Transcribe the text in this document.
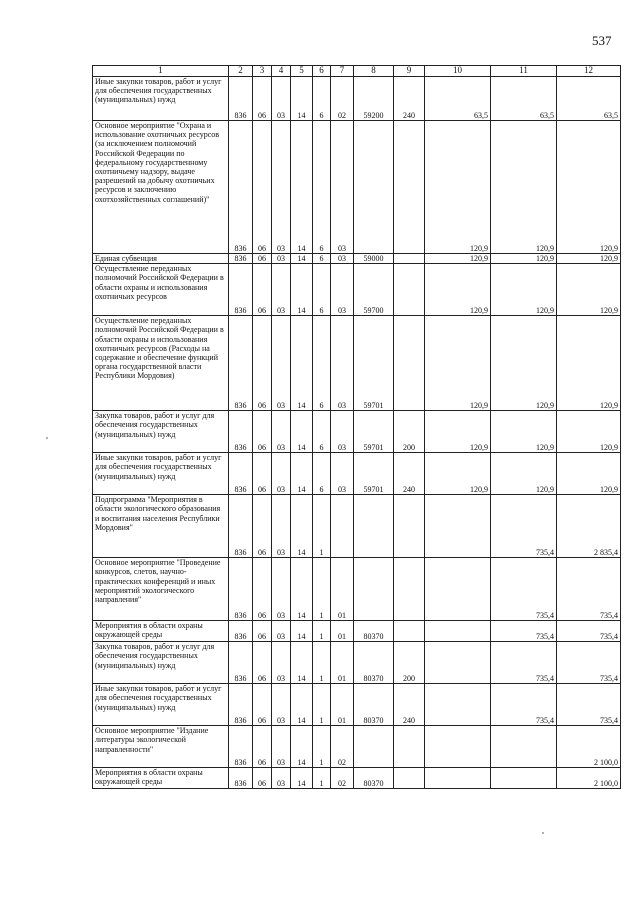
537
1	2	3	4	5	6	7	8	9	10	11	12
Иные закупки товаров, работ и услуг для обеспечения государственных (муниципальных) нужд	836	06	03	14	6	02	59200	240	63,5	63,5	63,5
Основное мероприятие "Охрана и использование охотничьих ресурсов (за исключением полномочий Российской Федерации по федеральному государственному охотничьему надзору, выдаче разрешений на добычу охотничьих ресурсов и заключению охотхозяйственных соглашений)"	836	06	03	14	6	03			120,9	120,9	120,9
Единая субвенция	836	06	03	14	6	03	59000		120,9	120,9	120,9
Осуществление переданных полномочий Российской Федерации в области охраны и использования охотничьих ресурсов	836	06	03	14	6	03	59700		120,9	120,9	120,9
Осуществление переданных полномочий Российской Федерации в области охраны и использования охотничьих ресурсов (Расходы на содержание и обеспечение функций органа государственной власти Республики Мордовия)	836	06	03	14	6	03	59701		120,9	120,9	120,9
Закупка товаров, работ и услуг для обеспечения государственных (муниципальных) нужд	836	06	03	14	6	03	59701	200	120,9	120,9	120,9
Иные закупки товаров, работ и услуг для обеспечения государственных (муниципальных) нужд	836	06	03	14	6	03	59701	240	120,9	120,9	120,9
Подпрограмма "Мероприятия в области экологического образования и воспитания населения Республики Мордовия"	836	06	03	14	1					735,4	2 835,4
Основное мероприятие "Проведение конкурсов, слетов, научно-практических конференций и иных мероприятий экологического направления"	836	06	03	14	1	01				735,4	735,4
Мероприятия в области охраны окружающей среды	836	06	03	14	1	01	80370			735,4	735,4
Закупка товаров, работ и услуг для обеспечения государственных (муниципальных) нужд	836	06	03	14	1	01	80370	200		735,4	735,4
Иные закупки товаров, работ и услуг для обеспечения государственных (муниципальных) нужд	836	06	03	14	1	01	80370	240		735,4	735,4
Основное мероприятие "Издание литературы экологической направленности"	836	06	03	14	1	02					2 100,0
Мероприятия в области охраны окружающей среды	836	06	03	14	1	02	80370				2 100,0
